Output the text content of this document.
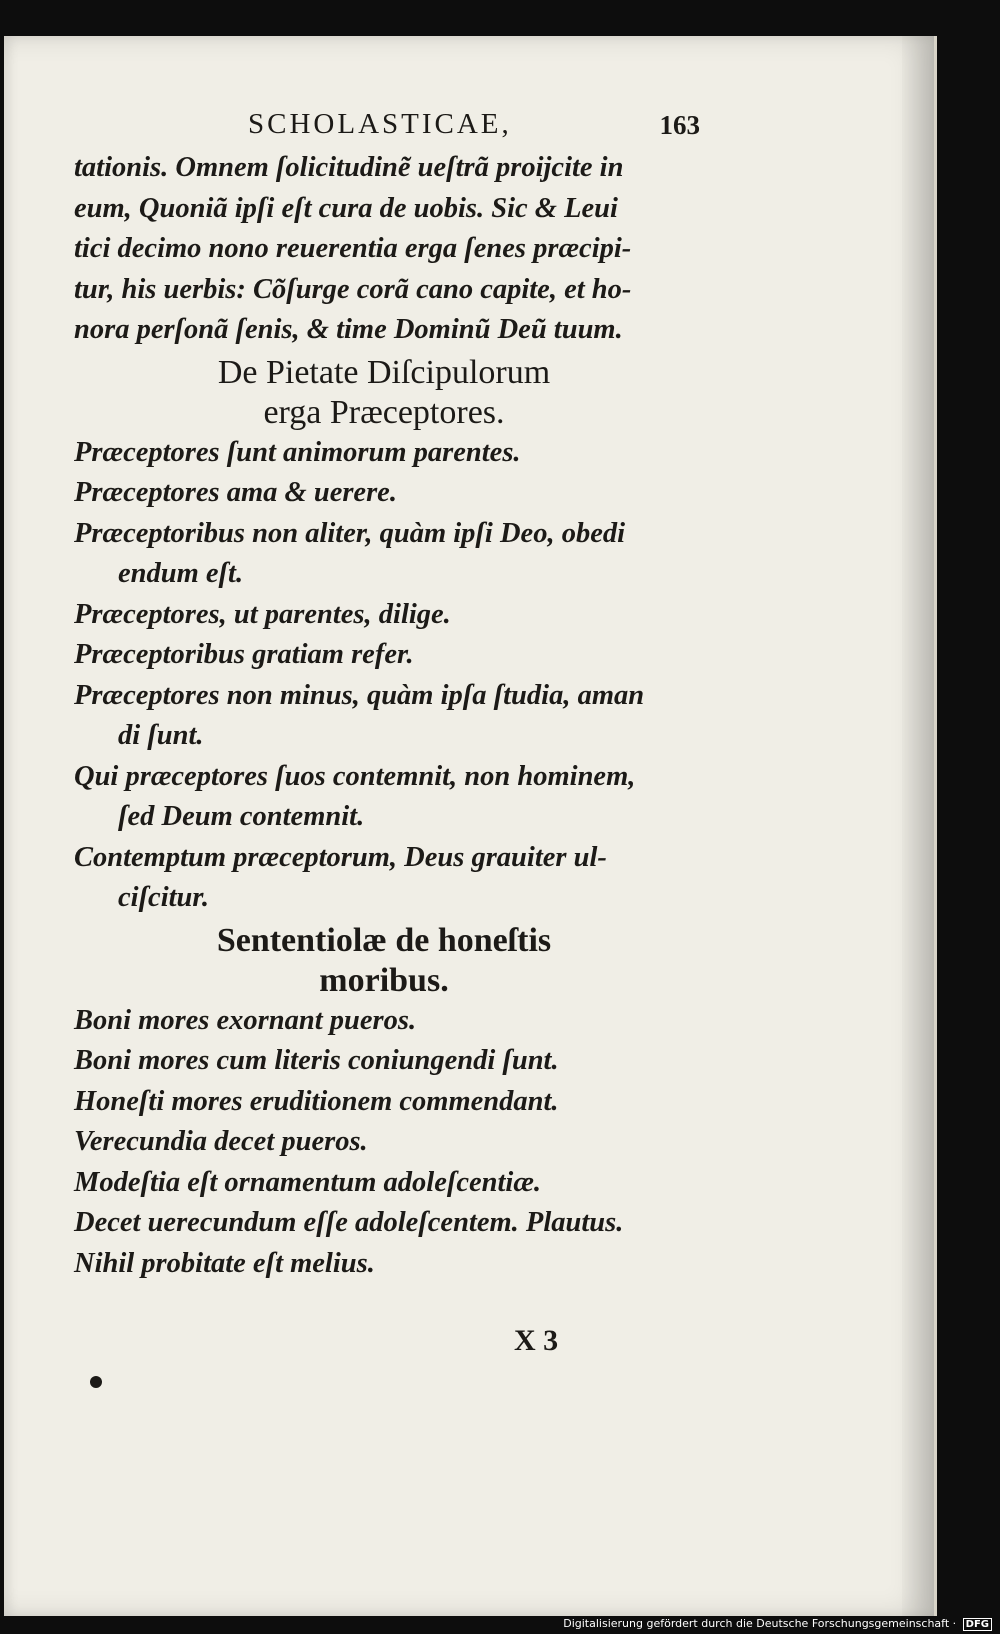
SCHOLASTICAE,	163
tationis. Omnem ſolicitudinẽ ueſtrã proijcite in
eum, Quoniã ipſi eſt cura de uobis. Sic & Leui
tici decimo nono reuerentia erga ſenes præcipi-
tur, his uerbis: Cõſurge corã cano capite, et ho-
nora perſonã ſenis, & time Dominũ Deũ tuum.
De Pietate Diſcipulorum
erga Præceptores.
Præceptores ſunt animorum parentes.
Præceptores ama & uerere.
Præceptoribus non aliter, quàm ipſi Deo, obedi
endum eſt.
Præceptores, ut parentes, dilige.
Præceptoribus gratiam refer.
Præceptores non minus, quàm ipſa ſtudia, aman
di ſunt.
Qui præceptores ſuos contemnit, non hominem,
ſed Deum contemnit.
Contemptum præceptorum, Deus grauiter ul-
ciſcitur.
Sententiolæ de honeſtis
moribus.
Boni mores exornant pueros.
Boni mores cum literis coniungendi ſunt.
Honeſti mores eruditionem commendant.
Verecundia decet pueros.
Modeſtia eſt ornamentum adoleſcentiæ.
Decet uerecundum eſſe adoleſcentem. Plautus.
Nihil probitate eſt melius.
X 3
Digitalisierung gefördert durch die Deutsche Forschungsgemeinschaft · DFG
